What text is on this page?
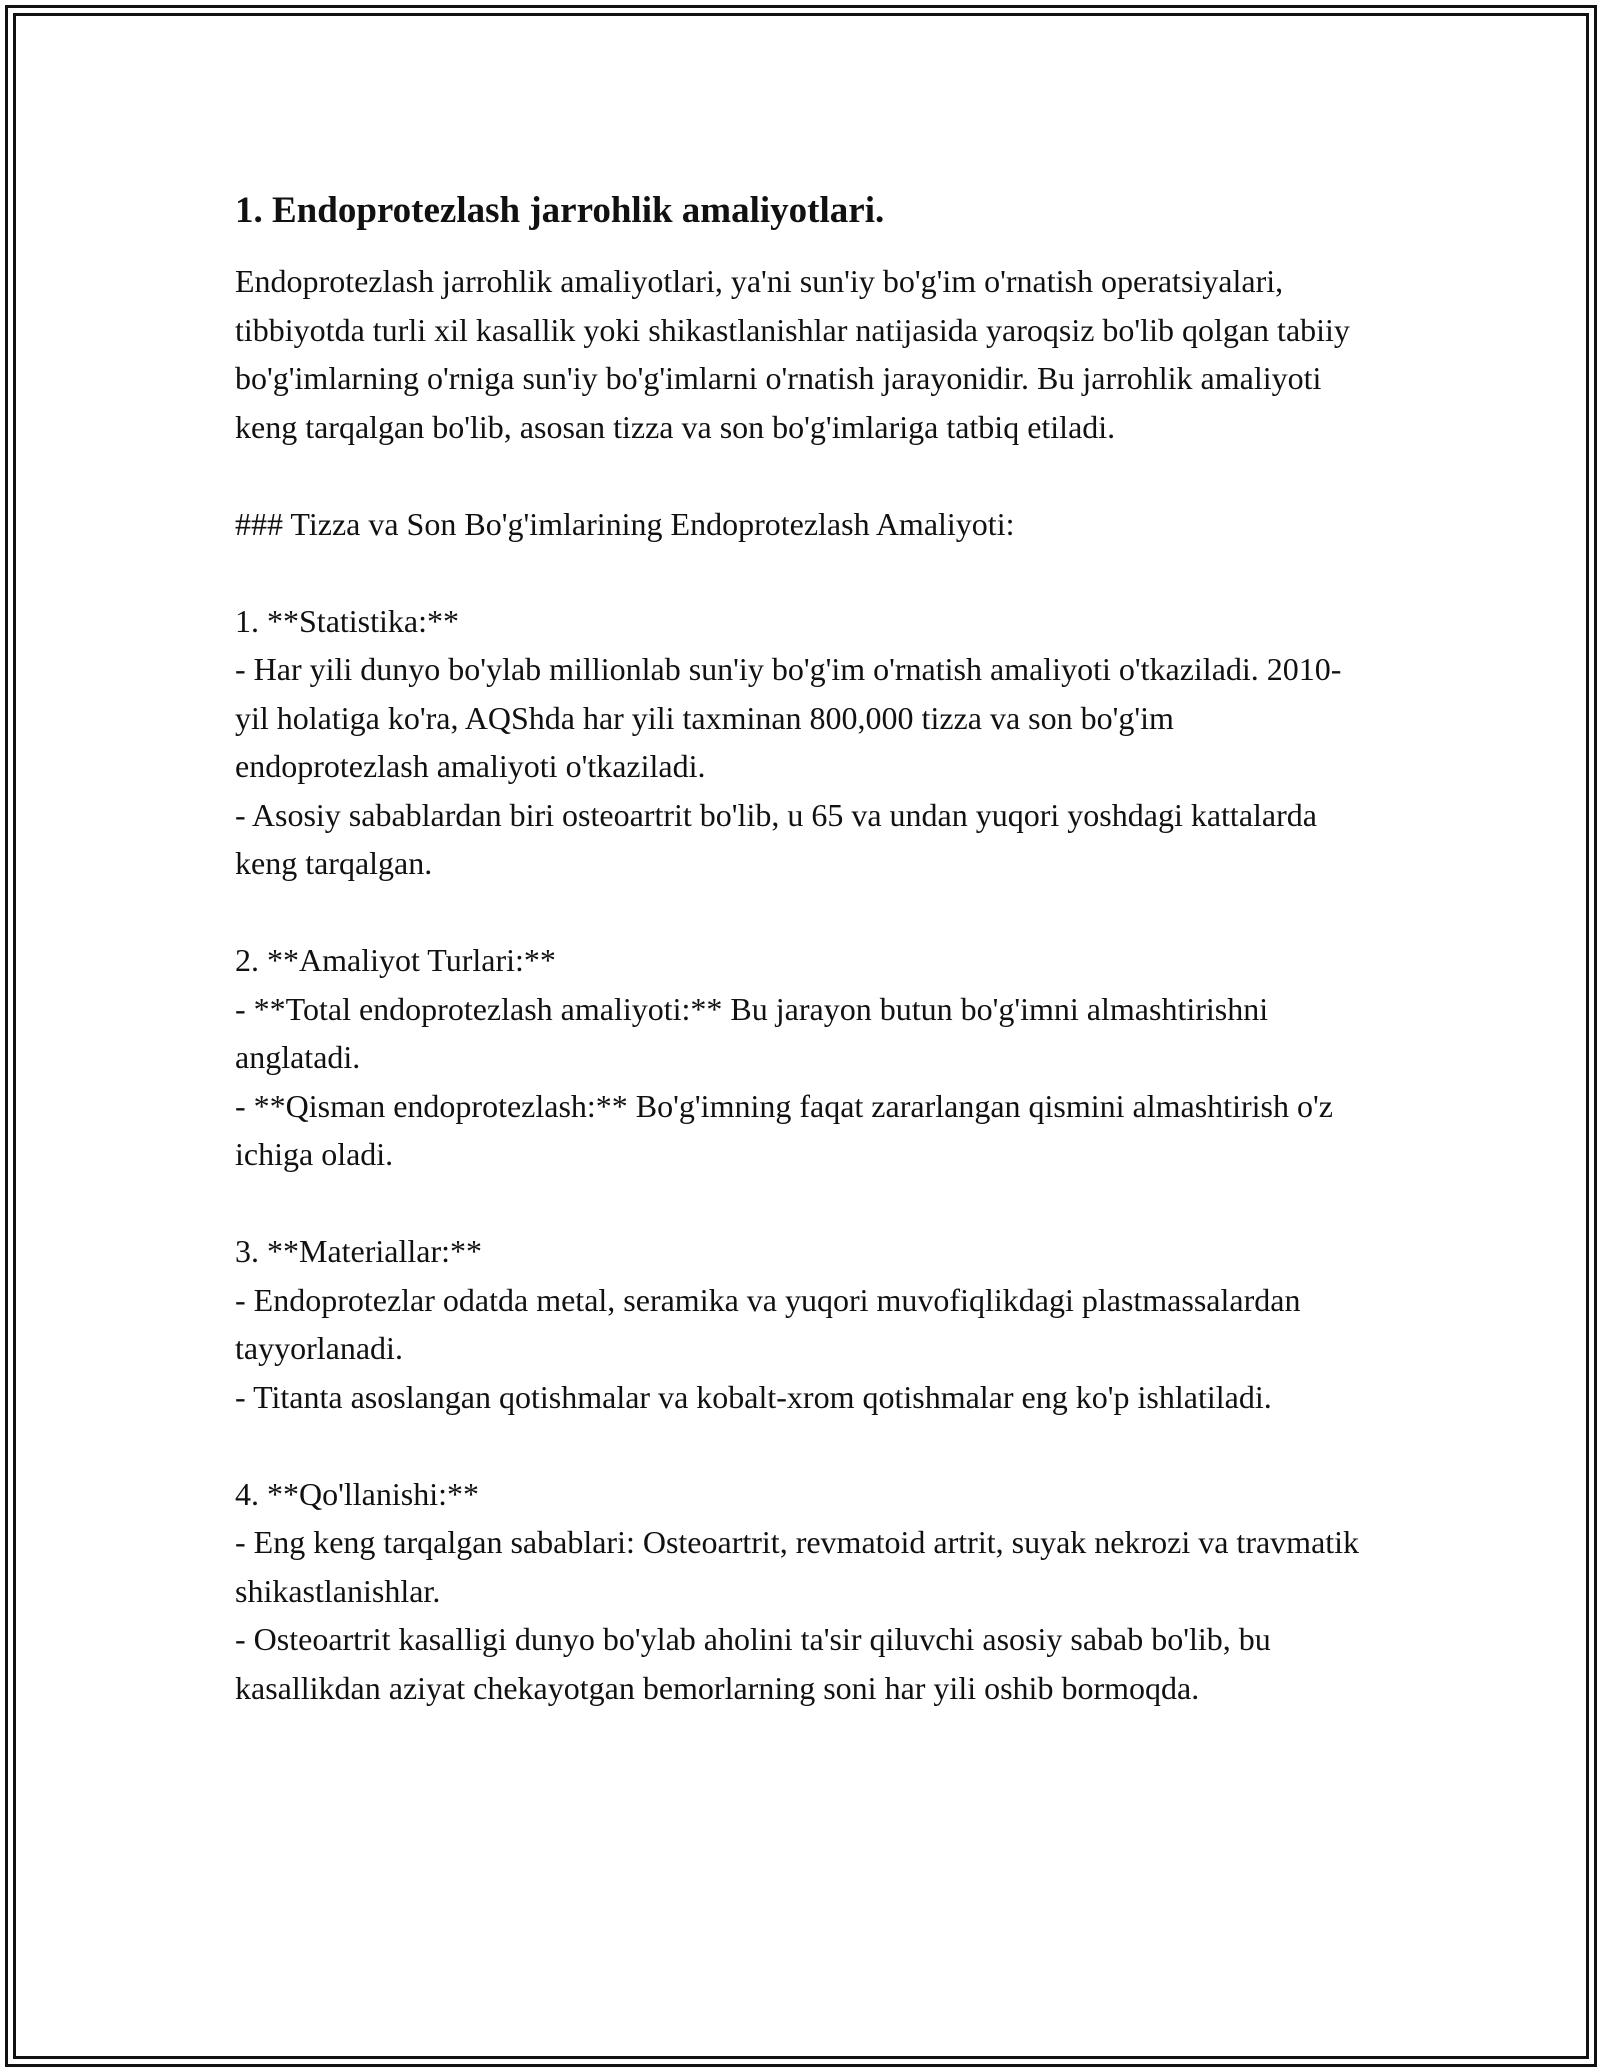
1. Endoprotezlash jarrohlik amaliyotlari.

Endoprotezlash jarrohlik amaliyotlari, ya'ni sun'iy bo'g'im o'rnatish operatsiyalari, tibbiyotda turli xil kasallik yoki shikastlanishlar natijasida yaroqsiz bo'lib qolgan tabiiy bo'g'imlarning o'rniga sun'iy bo'g'imlarni o'rnatish jarayonidir. Bu jarrohlik amaliyoti keng tarqalgan bo'lib, asosan tizza va son bo'g'imlariga tatbiq etiladi.

### Tizza va Son Bo'g'imlarining Endoprotezlash Amaliyoti:

1. **Statistika:**
- Har yili dunyo bo'ylab millionlab sun'iy bo'g'im o'rnatish amaliyoti o'tkaziladi. 2010-yil holatiga ko'ra, AQShda har yili taxminan 800,000 tizza va son bo'g'im endoprotezlash amaliyoti o'tkaziladi.
- Asosiy sabablardan biri osteoartrit bo'lib, u 65 va undan yuqori yoshdagi kattalarda keng tarqalgan.
2. **Amaliyot Turlari:**
- **Total endoprotezlash amaliyoti:** Bu jarayon butun bo'g'imni almashtirishni anglatadi.
- **Qisman endoprotezlash:** Bo'g'imning faqat zararlangan qismini almashtirish o'z ichiga oladi.
3. **Materiallar:**
- Endoprotezlar odatda metal, seramika va yuqori muvofiqlikdagi plastmassalardan tayyorlanadi.
- Titanta asoslangan qotishmalar va kobalt-xrom qotishmalar eng ko'p ishlatiladi.
4. **Qo'llanishi:**
- Eng keng tarqalgan sabablari: Osteoartrit, revmatoid artrit, suyak nekrozi va travmatik shikastlanishlar.
- Osteoartrit kasalligi dunyo bo'ylab aholini ta'sir qiluvchi asosiy sabab bo'lib, bu kasallikdan aziyat chekayotgan bemorlarning soni har yili oshib bormoqda.
